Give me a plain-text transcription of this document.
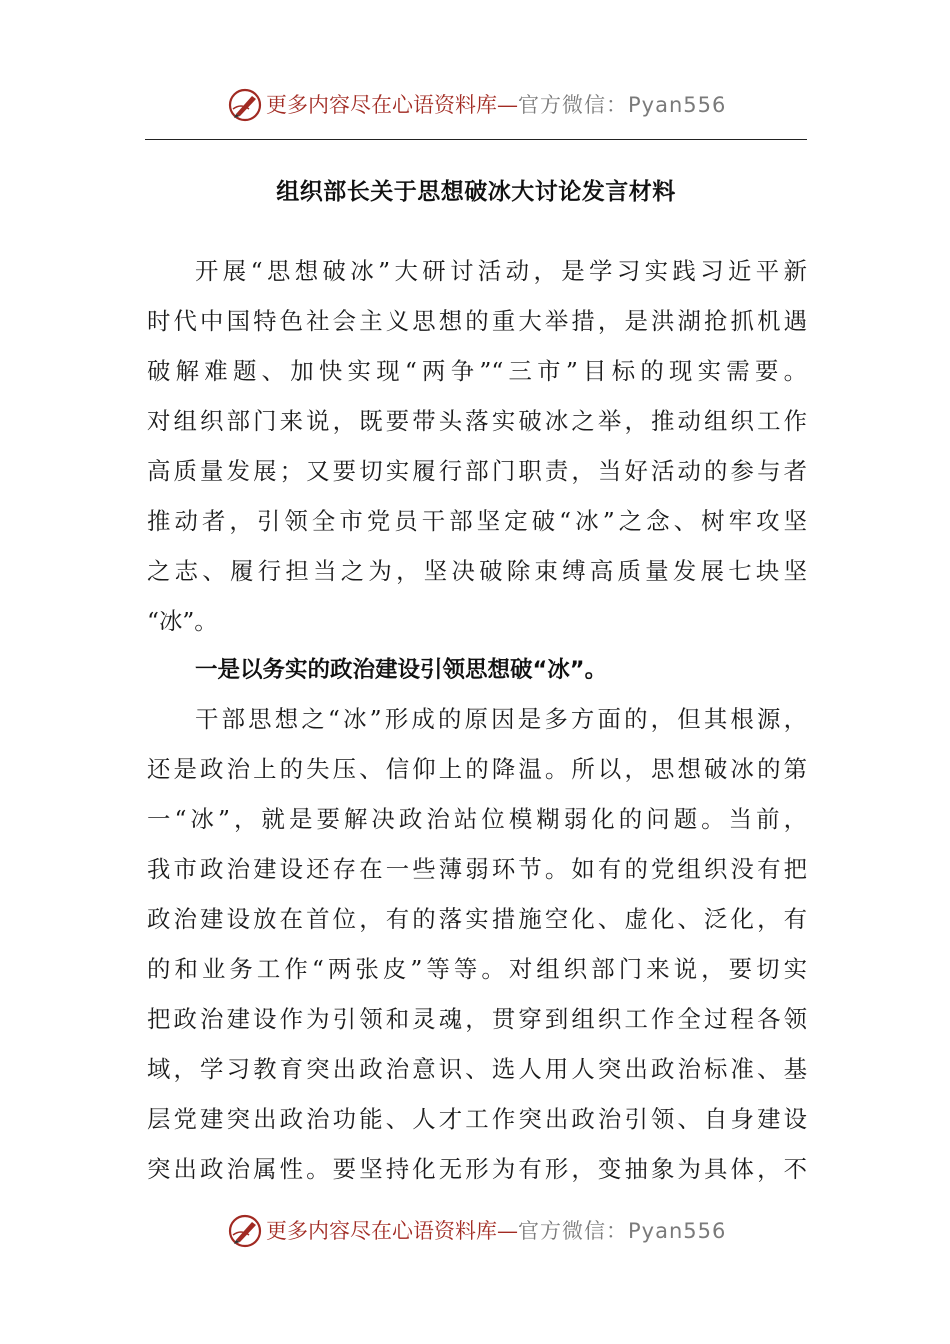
更多内容尽在心语资料库—官方微信：Pyan556
组织部长关于思想破冰大讨论发言材料
开展“思想破冰”大研讨活动，是学习实践习近平新
时代中国特色社会主义思想的重大举措，是洪湖抢抓机遇
破解难题、加快实现“两争”“三市”目标的现实需要。
对组织部门来说，既要带头落实破冰之举，推动组织工作
高质量发展；又要切实履行部门职责，当好活动的参与者
推动者，引领全市党员干部坚定破“冰”之念、树牢攻坚
之志、履行担当之为，坚决破除束缚高质量发展七块坚
“冰”。
一是以务实的政治建设引领思想破“冰”。
干部思想之“冰”形成的原因是多方面的，但其根源，
还是政治上的失压、信仰上的降温。所以，思想破冰的第
一“冰”，就是要解决政治站位模糊弱化的问题。当前，
我市政治建设还存在一些薄弱环节。如有的党组织没有把
政治建设放在首位，有的落实措施空化、虚化、泛化，有
的和业务工作“两张皮”等等。对组织部门来说，要切实
把政治建设作为引领和灵魂，贯穿到组织工作全过程各领
域，学习教育突出政治意识、选人用人突出政治标准、基
层党建突出政治功能、人才工作突出政治引领、自身建设
突出政治属性。要坚持化无形为有形，变抽象为具体，不
更多内容尽在心语资料库—官方微信：Pyan556
